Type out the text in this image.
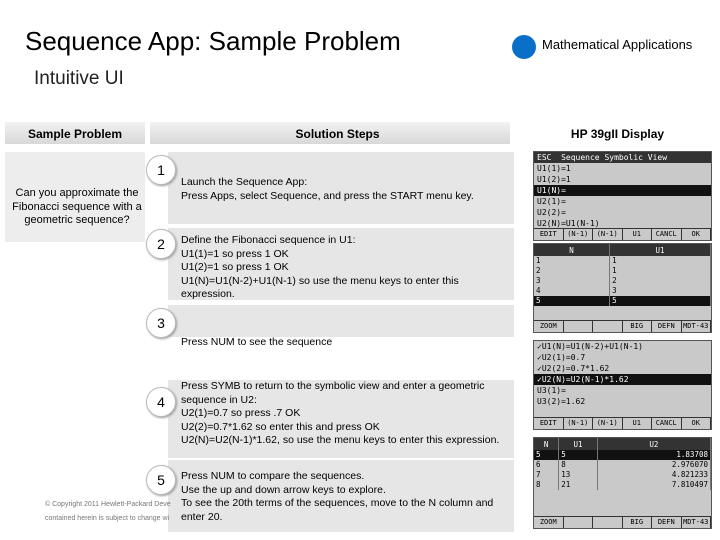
Sequence App: Sample Problem	Mathematical Applications
Intuitive UI
Sample Problem	Solution Steps	HP 39gII Display
Can you approximate the Fibonacci sequence with a geometric sequence?
1
2
3
4
5
Launch the Sequence App:
Press Apps, select Sequence, and press the START menu key.
Define the Fibonacci sequence in U1:
U1(1)=1 so press 1 OK
U1(2)=1 so press 1 OK
U1(N)=U1(N-2)+U1(N-1) so use the menu keys to enter this expression.
Press NUM to see the sequence
Press SYMB to return to the symbolic view and enter a geometric sequence in U2:
U2(1)=0.7 so press .7 OK
U2(2)=0.7*1.62 so enter this and press OK
U2(N)=U2(N-1)*1.62, so use the menu keys to enter this expression.
Press NUM to compare the sequences.
Use the up and down arrow keys to explore.
To see the 20th terms of the sequences, move to the N column and enter 20.
© Copyright 2011 Hewlett-Packard Deve
contained herein is subject to change wi
ESC Sequence Symbolic View
U1(1)=1
U1(2)=1
U1(N)=
U2(1)=
U2(2)=
U2(N)=U1(N-1)
EDIT	(N-1)	(N-1)	U1	CANCL	OK
N	U1
1	1
2	1
3	2
4	3
5	5
ZOOM	BIG	DEFN	MDT-43
✓U1(N)=U1(N-2)+U1(N-1)
✓U2(1)=0.7
✓U2(2)=0.7*1.62
✓U2(N)=U2(N-1)*1.62
U3(1)=
U3(2)=1.62
EDIT	(N-1)	(N-1)	U1	CANCL	OK
N	U1	U2
5	5	1.83708
6	8	2.976070
7	13	4.821233
8	21	7.810497
ZOOM	BIG	DEFN	MDT-43
